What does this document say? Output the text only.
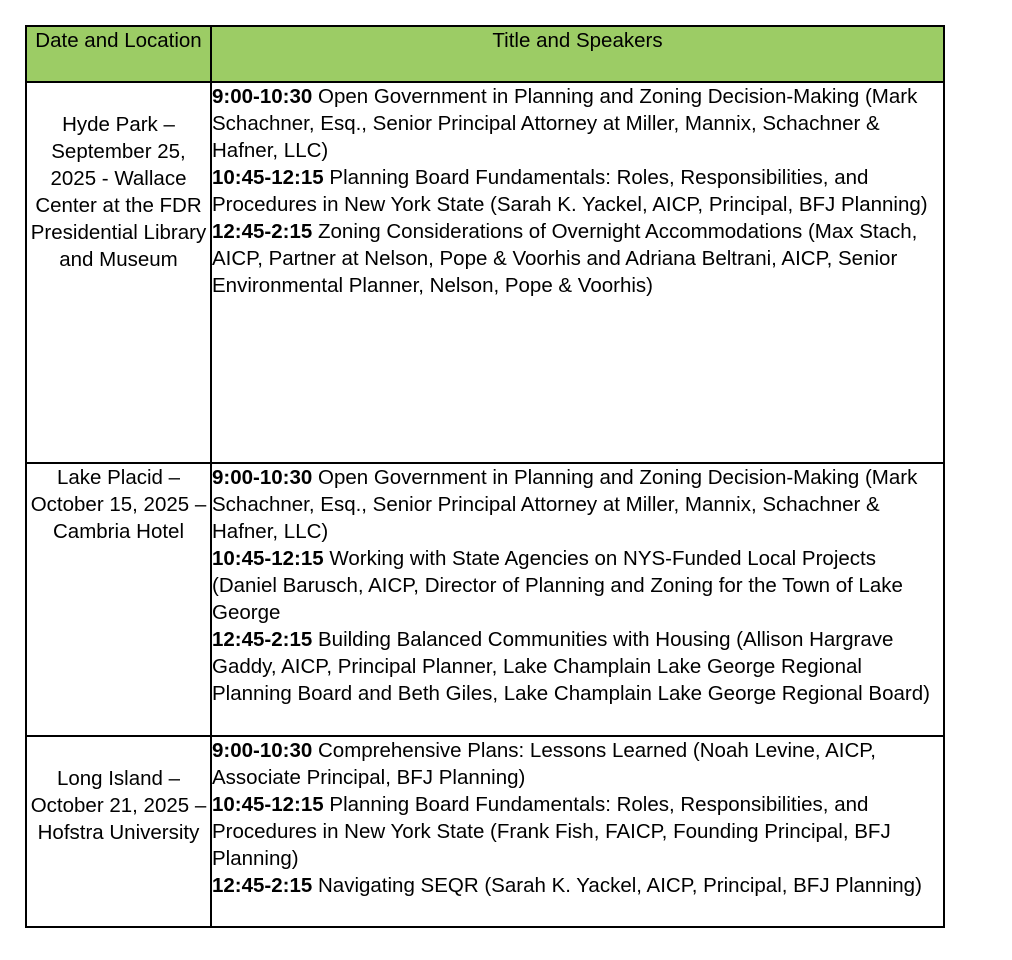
Date and Location	Title and Speakers

Hyde Park – September 25, 2025 - Wallace Center at the FDR Presidential Library and Museum	9:00-10:30 Open Government in Planning and Zoning Decision-Making (Mark Schachner, Esq., Senior Principal Attorney at Miller, Mannix, Schachner & Hafner, LLC)
10:45-12:15 Planning Board Fundamentals: Roles, Responsibilities, and Procedures in New York State (Sarah K. Yackel, AICP, Principal, BFJ Planning)
12:45-2:15 Zoning Considerations of Overnight Accommodations (Max Stach, AICP, Partner at Nelson, Pope & Voorhis and Adriana Beltrani, AICP, Senior Environmental Planner, Nelson, Pope & Voorhis)

Lake Placid – October 15, 2025 – Cambria Hotel	9:00-10:30 Open Government in Planning and Zoning Decision-Making (Mark Schachner, Esq., Senior Principal Attorney at Miller, Mannix, Schachner & Hafner, LLC)
10:45-12:15 Working with State Agencies on NYS-Funded Local Projects (Daniel Barusch, AICP, Director of Planning and Zoning for the Town of Lake George
12:45-2:15 Building Balanced Communities with Housing (Allison Hargrave Gaddy, AICP, Principal Planner, Lake Champlain Lake George Regional Planning Board and Beth Giles, Lake Champlain Lake George Regional Board)

Long Island – October 21, 2025 – Hofstra University	9:00-10:30 Comprehensive Plans: Lessons Learned (Noah Levine, AICP, Associate Principal, BFJ Planning)
10:45-12:15 Planning Board Fundamentals: Roles, Responsibilities, and Procedures in New York State (Frank Fish, FAICP, Founding Principal, BFJ Planning)
12:45-2:15 Navigating SEQR (Sarah K. Yackel, AICP, Principal, BFJ Planning)
